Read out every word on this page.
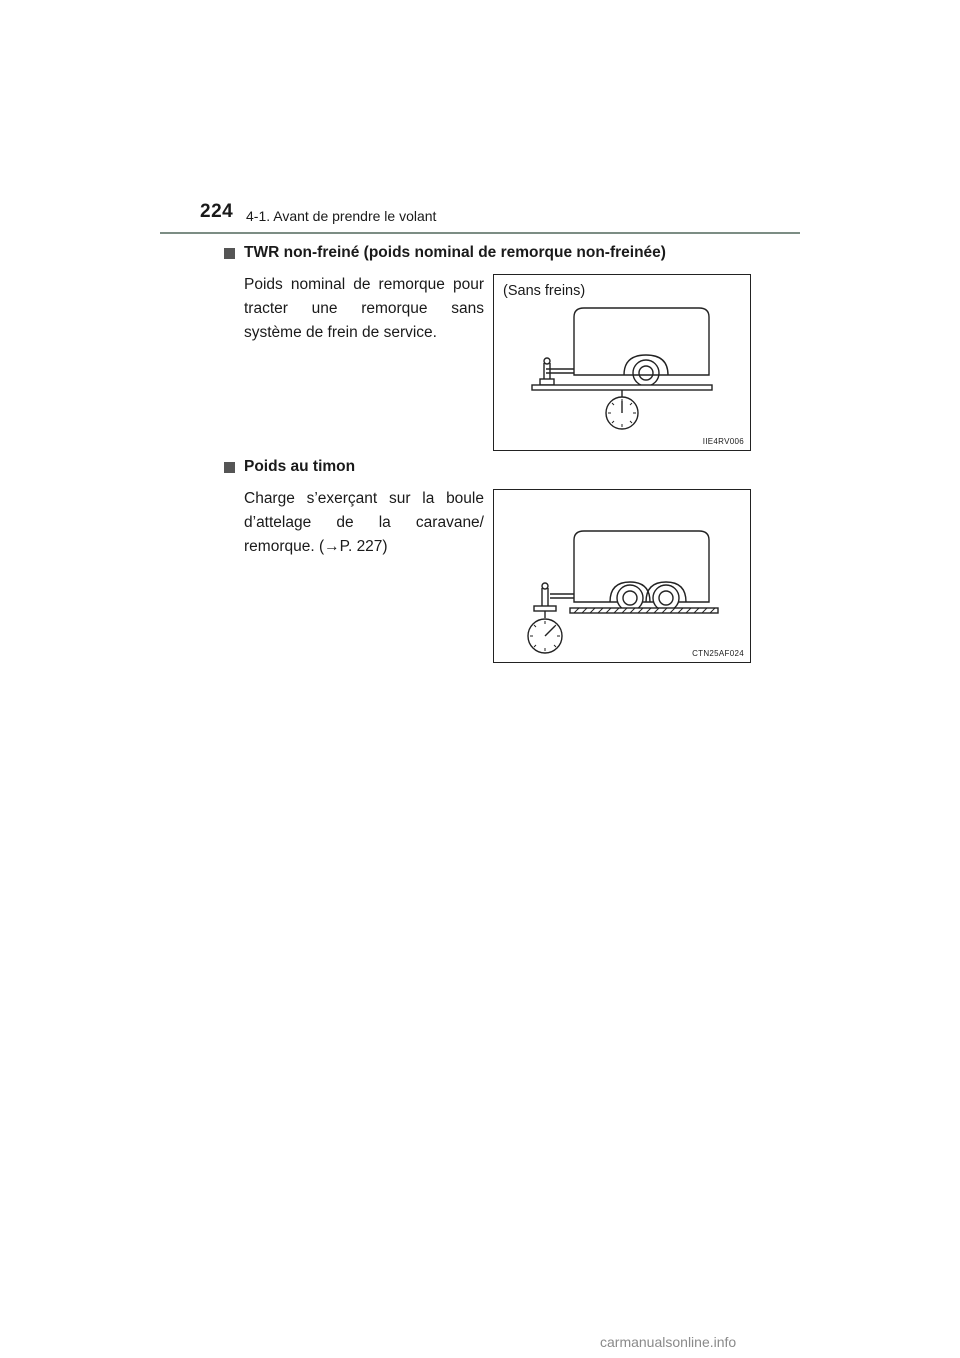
224 4-1. Avant de prendre le volant
TWR non-freiné (poids nominal de remorque non-freinée)
Poids nominal de remorque pour tracter une remorque sans système de frein de service.
(Sans freins)
IIE4RV006
Poids au timon
Charge s’exerçant sur la boule d’attelage de la caravane/ remorque. (→P. 227)
CTN25AF024
carmanualsonline.info
